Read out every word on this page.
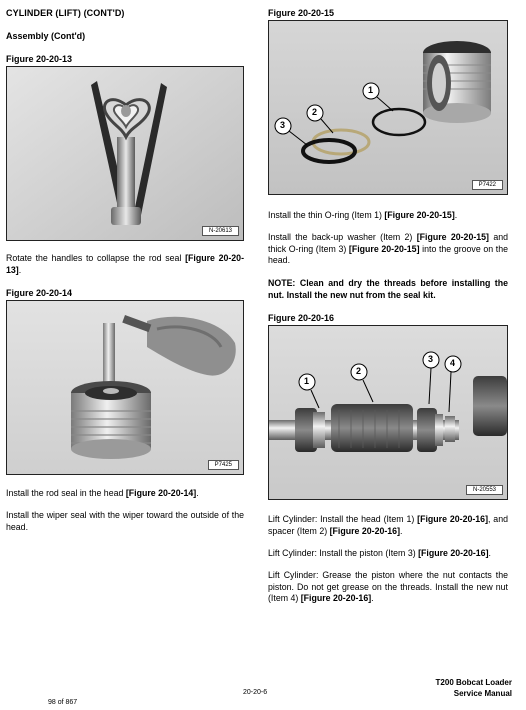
CYLINDER (LIFT) (CONT'D)
Assembly (Cont'd)
Figure 20-20-13
N-20613
Rotate the handles to collapse the rod seal [Figure 20-20-13].
Figure 20-20-14
P7425
Install the rod seal in the head [Figure 20-20-14].
Install the wiper seal with the wiper toward the outside of the head.
Figure 20-20-15
1
2
3
P7422
Install the thin O-ring (Item 1) [Figure 20-20-15].
Install the back-up washer (Item 2) [Figure 20-20-15] and thick O-ring (Item 3) [Figure 20-20-15] into the groove on the head.
NOTE: Clean and dry the threads before installing the nut. Install the new nut from the seal kit.
Figure 20-20-16
1
2
3 4
N-20553
Lift Cylinder: Install the head (Item 1) [Figure 20-20-16], and spacer (Item 2) [Figure 20-20-16].
Lift Cylinder: Install the piston (Item 3) [Figure 20-20-16].
Lift Cylinder: Grease the piston where the nut contacts the piston. Do not get grease on the threads. Install the new nut (Item 4) [Figure 20-20-16].
98 of 867
20-20-6
T200 Bobcat Loader
Service Manual
